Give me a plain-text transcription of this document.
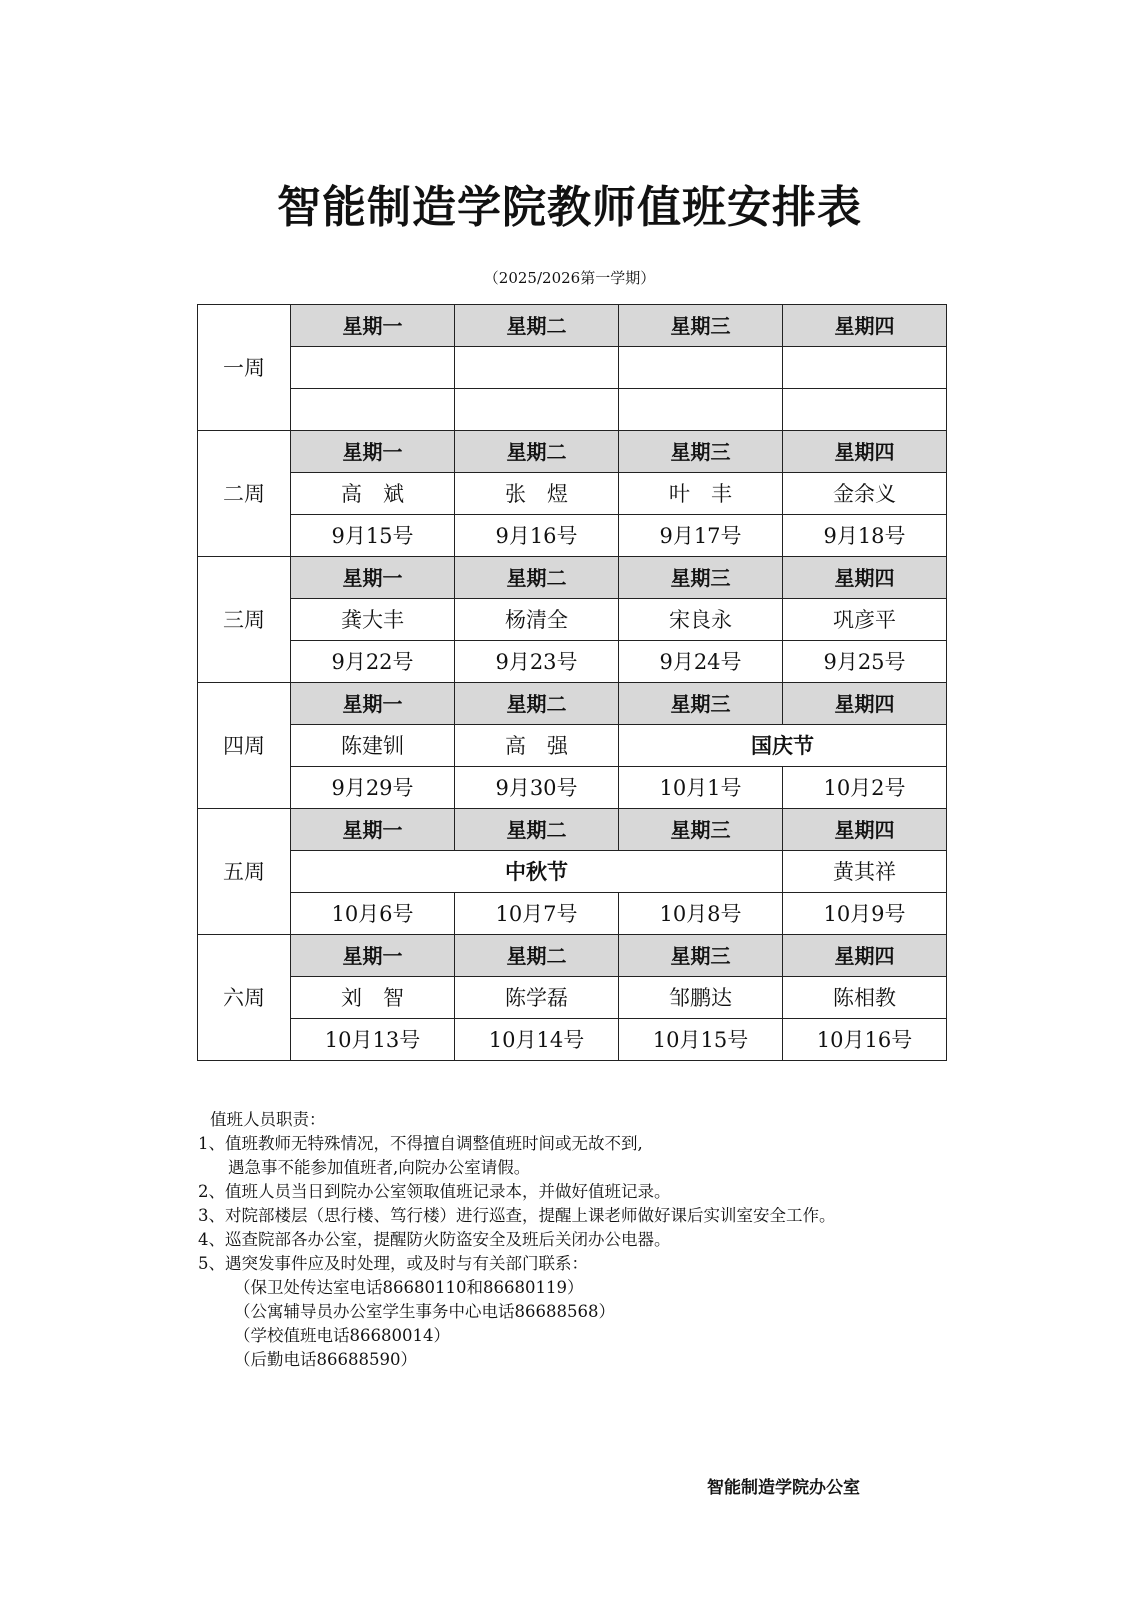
智能制造学院教师值班安排表
（2025/2026第一学期）
一周	星期一	星期二	星期三	星期四

二周	星期一	星期二	星期三	星期四
	高　斌	张　煜	叶　丰	金余义
	9月15号	9月16号	9月17号	9月18号
三周	星期一	星期二	星期三	星期四
	龚大丰	杨清全	宋良永	巩彦平
	9月22号	9月23号	9月24号	9月25号
四周	星期一	星期二	星期三	星期四
	陈建钏	高　强	国庆节	
	9月29号	9月30号	10月1号	10月2号
五周	星期一	星期二	星期三	星期四
	中秋节			黄其祥
	10月6号	10月7号	10月8号	10月9号
六周	星期一	星期二	星期三	星期四
	刘　智	陈学磊	邹鹏达	陈相教
	10月13号	10月14号	10月15号	10月16号
值班人员职责：
1、值班教师无特殊情况，不得擅自调整值班时间或无故不到,
遇急事不能参加值班者,向院办公室请假。
2、值班人员当日到院办公室领取值班记录本，并做好值班记录。
3、对院部楼层（思行楼、笃行楼）进行巡查，提醒上课老师做好课后实训室安全工作。
4、巡查院部各办公室，提醒防火防盗安全及班后关闭办公电器。
5、遇突发事件应及时处理，或及时与有关部门联系：
（保卫处传达室电话86680110和86680119）
（公寓辅导员办公室学生事务中心电话86688568）
（学校值班电话86680014）
（后勤电话86688590）
智能制造学院办公室
